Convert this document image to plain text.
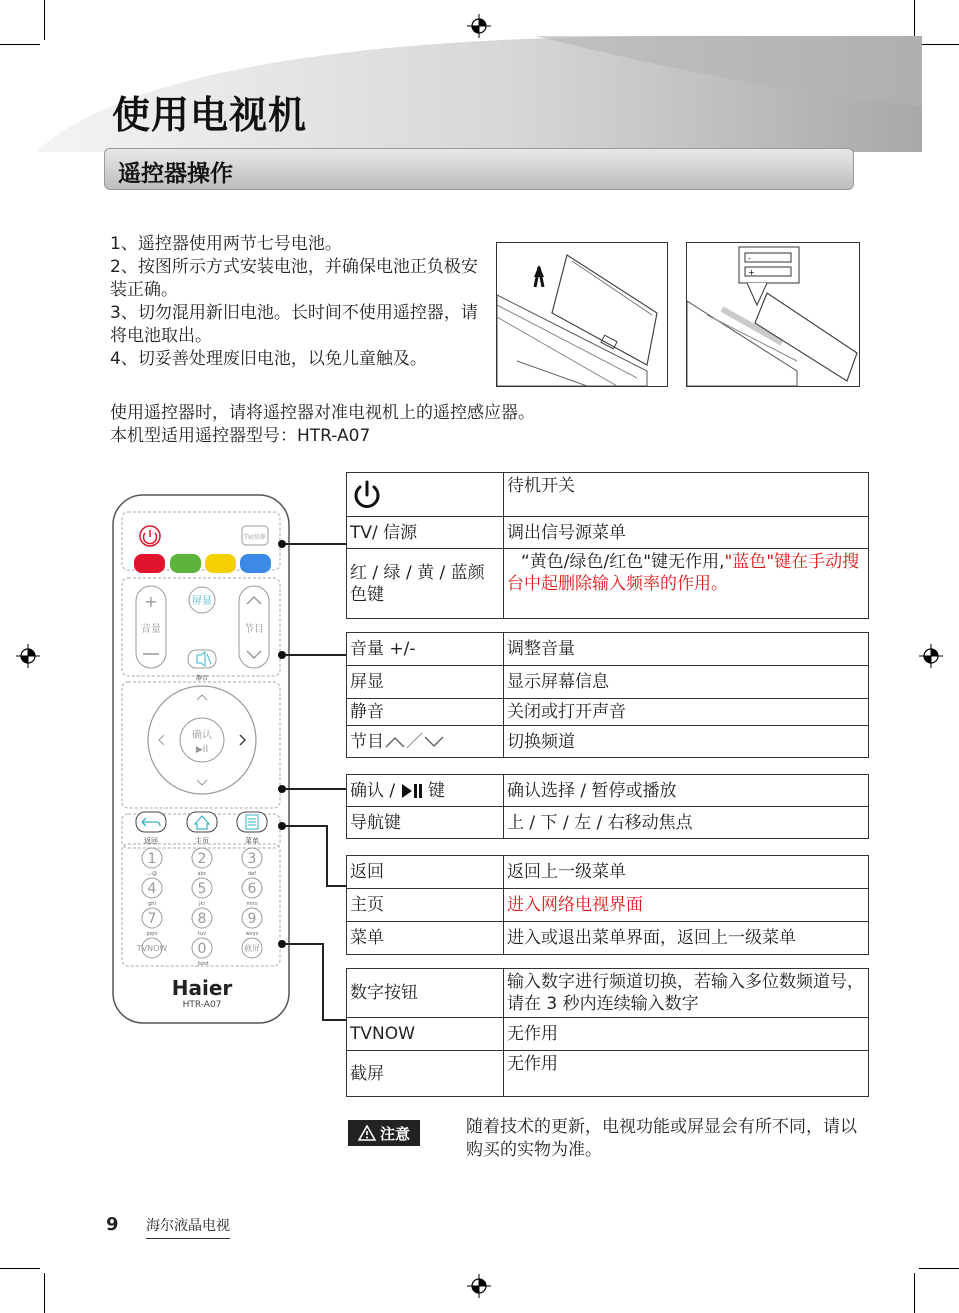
使用电视机
遥控器操作
1、遥控器使用两节七号电池。
2、按图所示方式安装电池，并确保电池正负极安装正确。
3、切勿混用新旧电池。长时间不使用遥控器，请将电池取出。
4、切妥善处理废旧电池，以免儿童触及。
-
+
使用遥控器时，请将遥控器对准电视机上的遥控感应器。
本机型适用遥控器型号：HTR-A07
TV/信源
+
音量	节目
屏显
静音
确认
▶II
返回	主页	菜单
1
.,-@
2
abc
3
def
4
ghi
5
jkl
6
mno
7
pqrs
8
tuv
9
wxyz
TVNOW 0
_boot
截屏
Haier
HTR-A07
	待机开关
TV/ 信源	调出信号源菜单
红 / 绿 / 黄 / 蓝颜色键	“黄色/绿色/红色"键无作用,"蓝色"键在手动搜台中起删除输入频率的作用。
音量 +/-	调整音量
屏显	显示屏幕信息
静音	关闭或打开声音
节目 ／	切换频道
确认 / 键	确认选择 / 暂停或播放
导航键	上 / 下 / 左 / 右移动焦点
返回	返回上一级菜单
主页	进入网络电视界面
菜单	进入或退出菜单界面，返回上一级菜单
数字按钮	输入数字进行频道切换，若输入多位数频道号，请在 3 秒内连续输入数字
TVNOW	无作用
截屏	无作用
注意	随着技术的更新，电视功能或屏显会有所不同，请以购买的实物为准。
9 海尔液晶电视
